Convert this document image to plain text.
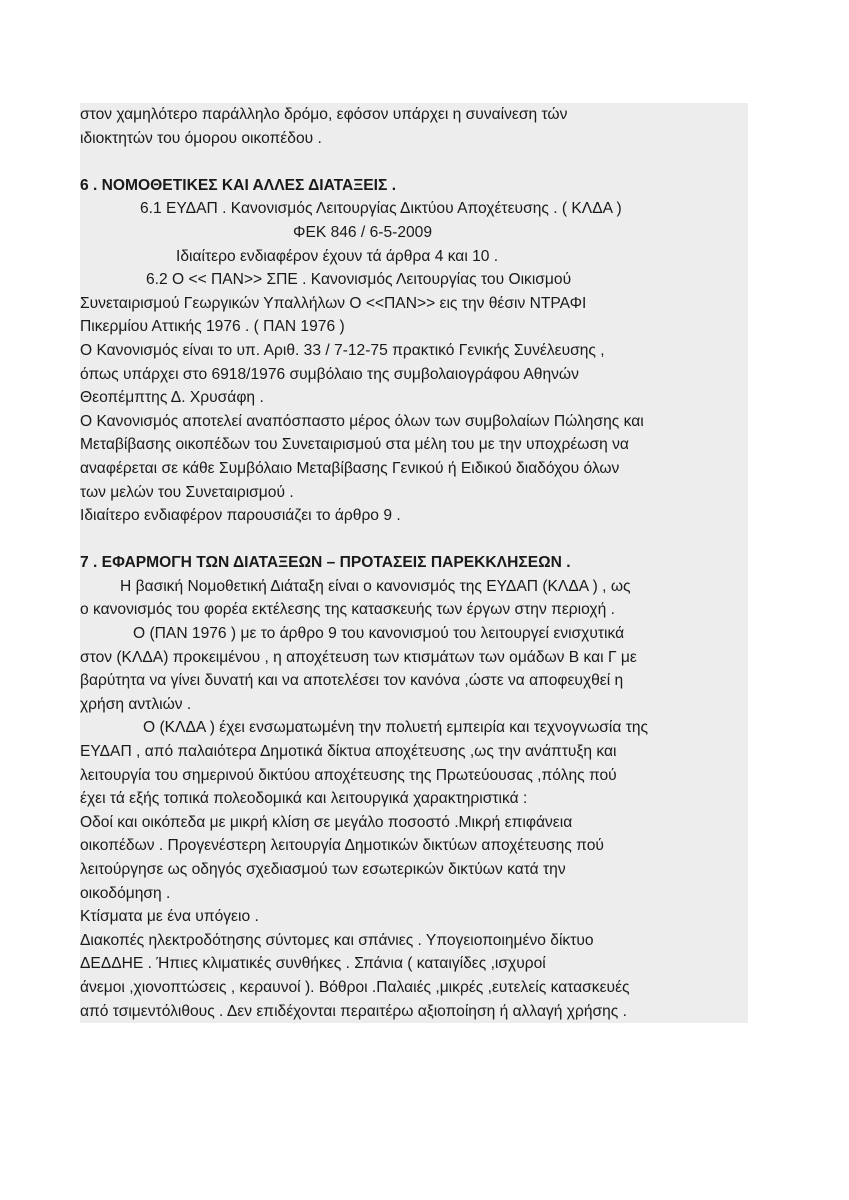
στον χαμηλότερο παράλληλο δρόμο, εφόσον υπάρχει η συναίνεση τών
ιδιοκτητών του όμορου οικοπέδου .
6 . ΝΟΜΟΘΕΤΙΚΕΣ ΚΑΙ ΑΛΛΕΣ ΔΙΑΤΑΞΕΙΣ .
6.1 ΕΥΔΑΠ . Κανονισμός Λειτουργίας Δικτύου Αποχέτευσης . ( ΚΛΔΑ )
ΦΕΚ 846 / 6-5-2009
Ιδιαίτερο ενδιαφέρον έχουν τά άρθρα 4 και 10 .
6.2 Ο << ΠΑΝ>> ΣΠΕ . Κανονισμός Λειτουργίας του Οικισμού
Συνεταιρισμού Γεωργικών Υπαλλήλων Ο <<ΠΑΝ>> εις την θέσιν ΝΤΡΑΦΙ
Πικερμίου Αττικής 1976 . ( ΠΑΝ 1976 )
Ο Κανονισμός είναι το υπ. Αριθ. 33 / 7-12-75 πρακτικό Γενικής Συνέλευσης ,
όπως υπάρχει στο 6918/1976 συμβόλαιο της συμβολαιογράφου Αθηνών
Θεοπέμπτης Δ. Χρυσάφη .
Ο Κανονισμός αποτελεί αναπόσπαστο μέρος όλων των συμβολαίων Πώλησης και
Μεταβίβασης οικοπέδων του Συνεταιρισμού στα μέλη του με την υποχρέωση να
αναφέρεται σε κάθε Συμβόλαιο Μεταβίβασης Γενικού ή Ειδικού διαδόχου όλων
των μελών του Συνεταιρισμού .
Ιδιαίτερο ενδιαφέρον παρουσιάζει το άρθρο 9 .
7 . ΕΦΑΡΜΟΓΗ ΤΩΝ ΔΙΑΤΑΞΕΩΝ – ΠΡΟΤΑΣΕΙΣ ΠΑΡΕΚΚΛΗΣΕΩΝ .
Η βασική Νομοθετική Διάταξη είναι ο κανονισμός της ΕΥΔΑΠ (ΚΛΔΑ ) , ως
ο κανονισμός του φορέα εκτέλεσης της κατασκευής των έργων στην περιοχή .
Ο (ΠΑΝ 1976 ) με το άρθρο 9 του κανονισμού του λειτουργεί ενισχυτικά
στον (ΚΛΔΑ) προκειμένου , η αποχέτευση των κτισμάτων των ομάδων Β και Γ με
βαρύτητα να γίνει δυνατή και να αποτελέσει τον κανόνα ,ώστε να αποφευχθεί η
χρήση αντλιών .
Ο (ΚΛΔΑ ) έχει ενσωματωμένη την πολυετή εμπειρία και τεχνογνωσία της
ΕΥΔΑΠ , από παλαιότερα Δημοτικά δίκτυα αποχέτευσης ,ως την ανάπτυξη και
λειτουργία του σημερινού δικτύου αποχέτευσης της Πρωτεύουσας ,πόλης πού
έχει τά εξής τοπικά πολεοδομικά και λειτουργικά χαρακτηριστικά :
Οδοί και οικόπεδα με μικρή κλίση σε μεγάλο ποσοστό .Μικρή επιφάνεια
οικοπέδων . Προγενέστερη λειτουργία Δημοτικών δικτύων αποχέτευσης πού
λειτούργησε ως οδηγός σχεδιασμού των εσωτερικών δικτύων κατά την
οικοδόμηση .
Κτίσματα με ένα υπόγειο .
Διακοπές ηλεκτροδότησης σύντομες και σπάνιες . Υπογειοποιημένο δίκτυο
ΔΕΔΔΗΕ . Ήπιες κλιματικές συνθήκες . Σπάνια ( καταιγίδες ,ισχυροί
άνεμοι ,χιονοπτώσεις , κεραυνοί ). Βόθροι .Παλαιές ,μικρές ,ευτελείς κατασκευές
από τσιμεντόλιθους . Δεν επιδέχονται περαιτέρω αξιοποίηση ή αλλαγή χρήσης .
